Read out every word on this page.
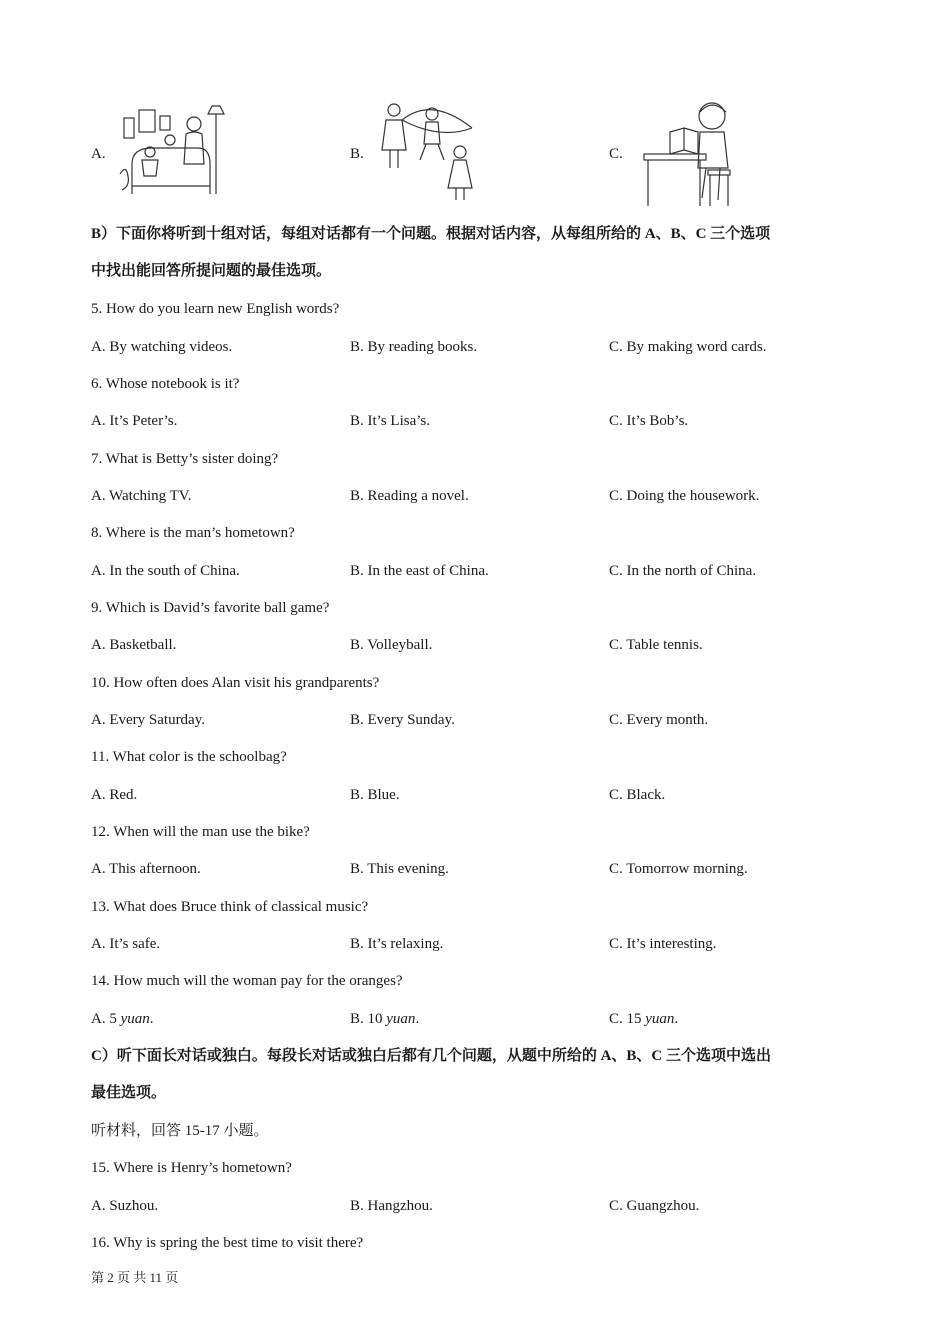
A.	B.	C.
B）下面你将听到十组对话，每组对话都有一个问题。根据对话内容，从每组所给的 A、B、C 三个选项
中找出能回答所提问题的最佳选项。
5. How do you learn new English words?
A. By watching videos.	B. By reading books.	C. By making word cards.
6. Whose notebook is it?
A. It’s Peter’s.	B. It’s Lisa’s.	C. It’s Bob’s.
7. What is Betty’s sister doing?
A. Watching TV.	B. Reading a novel.	C. Doing the housework.
8. Where is the man’s hometown?
A. In the south of China.	B. In the east of China.	C. In the north of China.
9. Which is David’s favorite ball game?
A. Basketball.	B. Volleyball.	C. Table tennis.
10. How often does Alan visit his grandparents?
A. Every Saturday.	B. Every Sunday.	C. Every month.
11. What color is the schoolbag?
A. Red.	B. Blue.	C. Black.
12. When will the man use the bike?
A. This afternoon.	B. This evening.	C. Tomorrow morning.
13. What does Bruce think of classical music?
A. It’s safe.	B. It’s relaxing.	C. It’s interesting.
14. How much will the woman pay for the oranges?
A. 5 yuan.	B. 10 yuan.	C. 15 yuan.
C）听下面长对话或独白。每段长对话或独白后都有几个问题，从题中所给的 A、B、C 三个选项中选出
最佳选项。
听材料，回答 15-17 小题。
15. Where is Henry’s hometown?
A. Suzhou.	B. Hangzhou.	C. Guangzhou.
16. Why is spring the best time to visit there?
第 2 页 共 11 页
